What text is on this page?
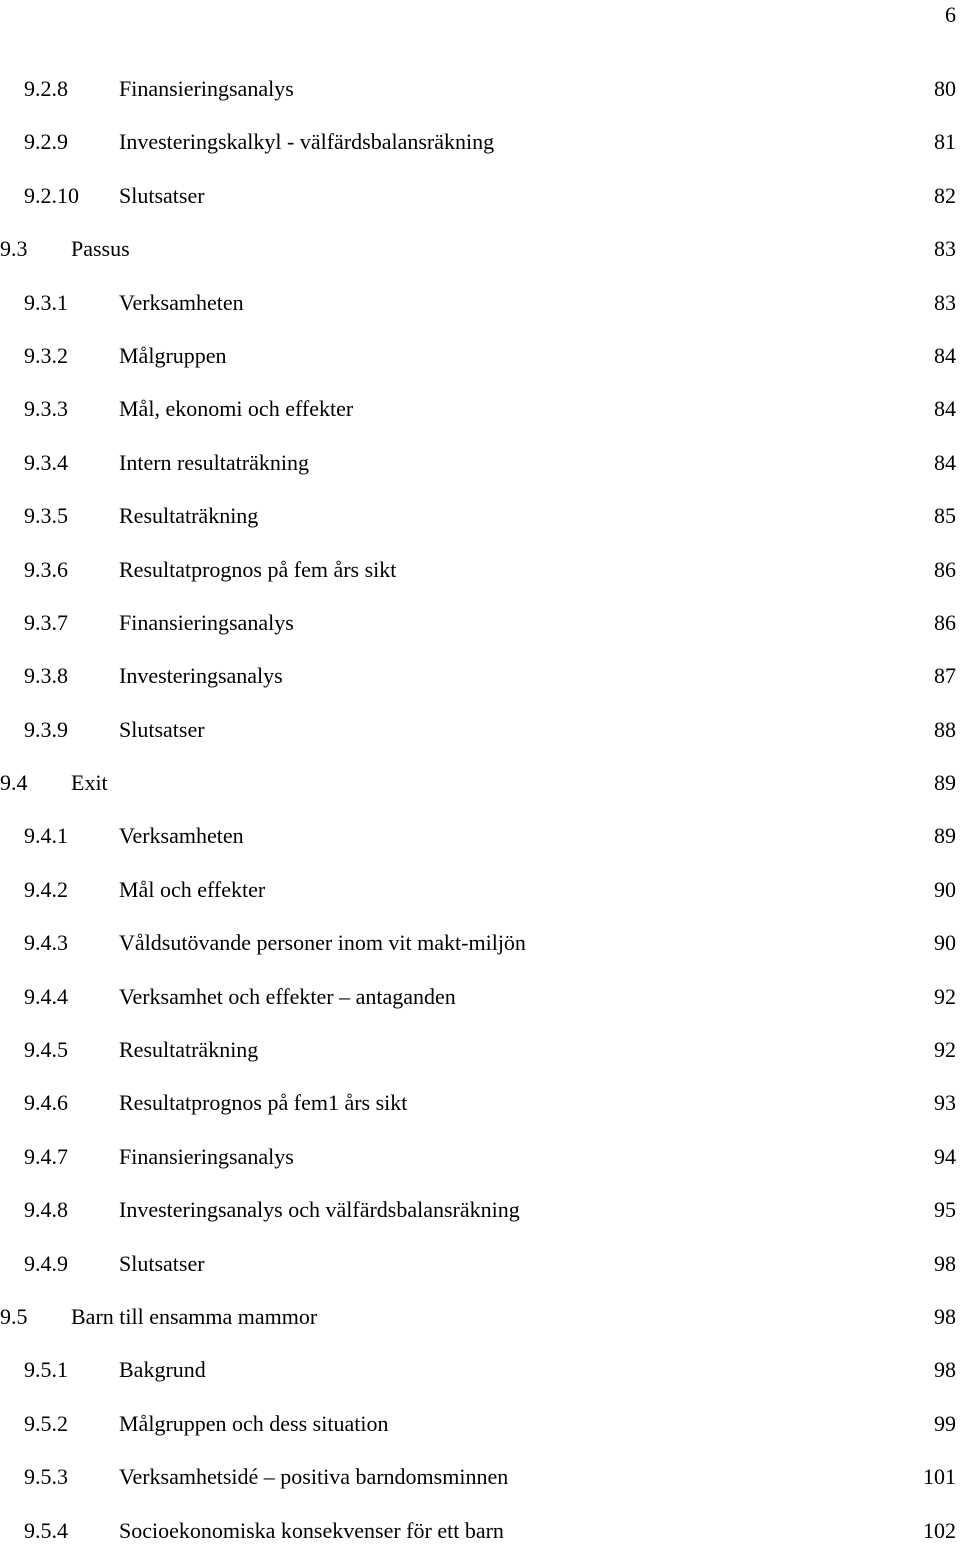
6
9.2.8 Finansieringsanalys	80
9.2.9 Investeringskalkyl - välfärdsbalansräkning	81
9.2.10 Slutsatser	82
9.3 Passus	83
9.3.1 Verksamheten	83
9.3.2 Målgruppen	84
9.3.3 Mål, ekonomi och effekter	84
9.3.4 Intern resultaträkning	84
9.3.5 Resultaträkning	85
9.3.6 Resultatprognos på fem års sikt	86
9.3.7 Finansieringsanalys	86
9.3.8 Investeringsanalys	87
9.3.9 Slutsatser	88
9.4 Exit	89
9.4.1 Verksamheten	89
9.4.2 Mål och effekter	90
9.4.3 Våldsutövande personer inom vit makt-miljön	90
9.4.4 Verksamhet och effekter – antaganden	92
9.4.5 Resultaträkning	92
9.4.6 Resultatprognos på fem1 års sikt	93
9.4.7 Finansieringsanalys	94
9.4.8 Investeringsanalys och välfärdsbalansräkning	95
9.4.9 Slutsatser	98
9.5 Barn till ensamma mammor	98
9.5.1 Bakgrund	98
9.5.2 Målgruppen och dess situation	99
9.5.3 Verksamhetsidé – positiva barndomsminnen	101
9.5.4 Socioekonomiska konsekvenser för ett barn	102
